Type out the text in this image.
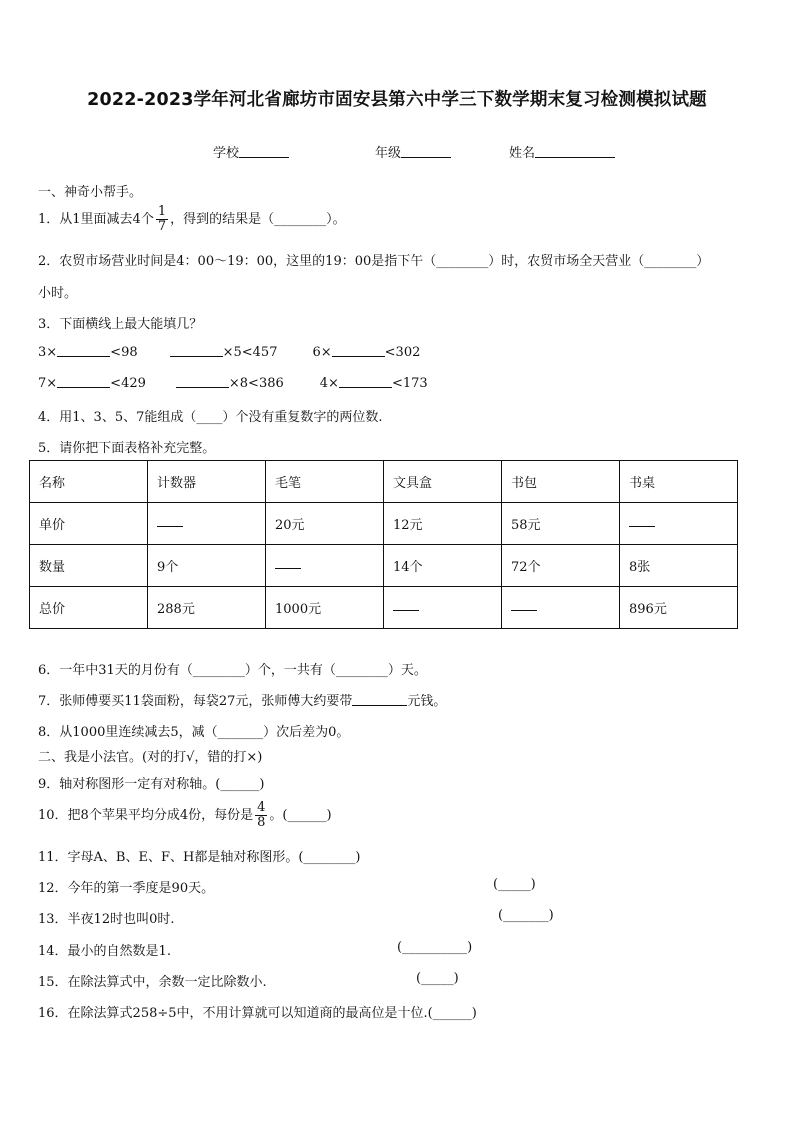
2022-2023学年河北省廊坊市固安县第六中学三下数学期末复习检测模拟试题
学校	年级	姓名
一、神奇小帮手。
1．从1里面减去4个 $\frac{1}{7}$ ，得到的结果是（________）。
2．农贸市场营业时间是4：00～19：00，这里的19：00是指下午（________）时，农贸市场全天营业（________）
小时。
3．下面横线上最大能填几？
3×	<98	×5<457	6×	<302
7×	<429	×8<386	4×	<173
4．用1、3、5、7能组成（____）个没有重复数字的两位数.
5．请你把下面表格补充完整。
名称	计数器	毛笔	文具盒	书包	书桌
单价		20元	12元	58元	
数量	9个		14个	72个	8张
总价	288元	1000元			896元
6．一年中31天的月份有（________）个，一共有（________）天。
7．张师傅要买11袋面粉，每袋27元，张师傅大约要带	元钱。
8．从1000里连续减去5，减（_______）次后差为0。
二、我是小法官。(对的打√，错的打×)
9．轴对称图形一定有对称轴。(______)
10．把8个苹果平均分成4份，每份是 $\frac{4}{8}$ 。(______)
11．字母A、B、E、F、H都是轴对称图形。(________)
12．今年的第一季度是90天。	(_____)
13．半夜12时也叫0时.	(_______)
14．最小的自然数是1.	(__________)
15．在除法算式中，余数一定比除数小.	(_____)
16．在除法算式258÷5中，不用计算就可以知道商的最高位是十位.(______)
